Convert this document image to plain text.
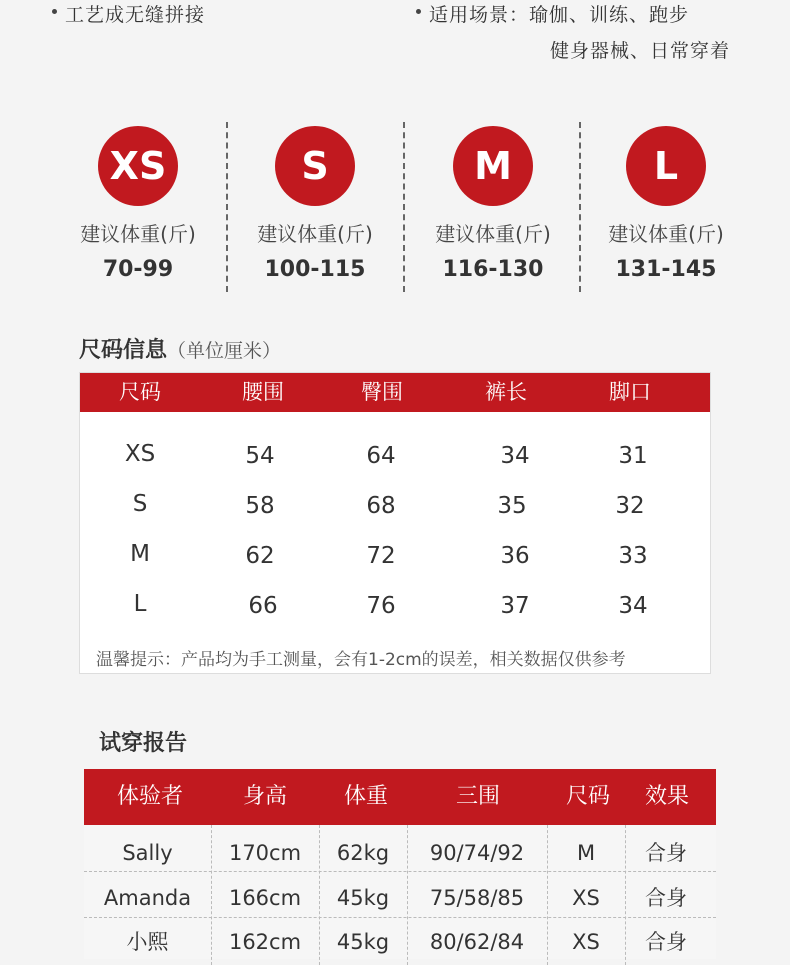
工艺成无缝拼接	适用场景：瑜伽、训练、跑步
健身器械、日常穿着
XS
建议体重(斤)
70-99
S
建议体重(斤)
100-115
M
建议体重(斤)
116-130
L
建议体重(斤)
131-145
尺码信息（单位厘米）
尺码	腰围	臀围	裤长	脚口
XS	54	64	34	31
S	58	68	35	32
M	62	72	36	33
L	66	76	37	34
温馨提示：产品均为手工测量，会有1-2cm的误差，相关数据仅供参考
试穿报告
体验者	身高	体重	三围	尺码	效果
Sally	170cm	62kg	90/74/92	M	合身
Amanda	166cm	45kg	75/58/85	XS	合身
小熙	162cm	45kg	80/62/84	XS	合身
